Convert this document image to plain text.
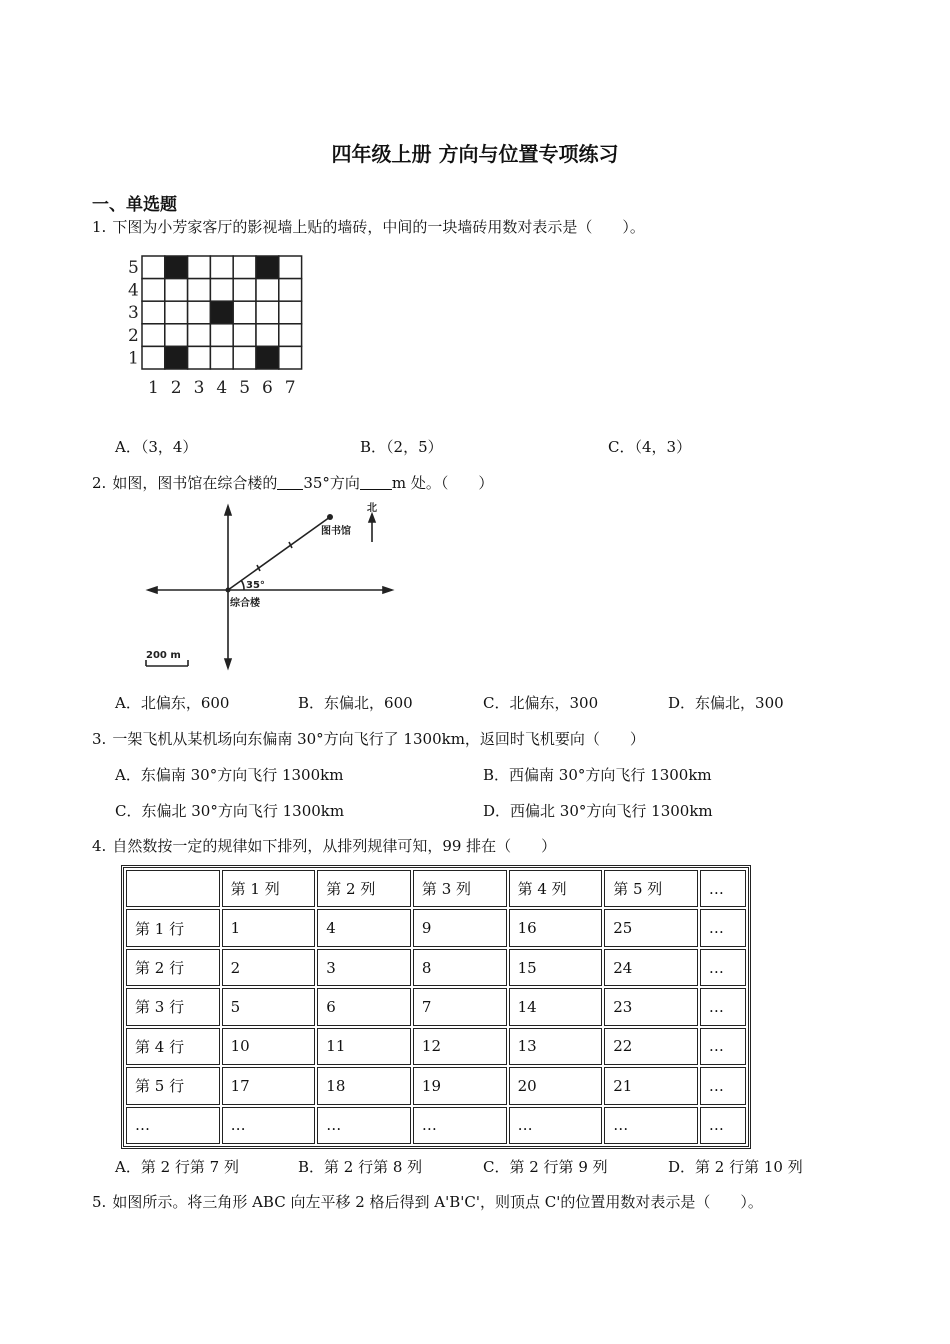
四年级上册 方向与位置专项练习
一、单选题
1. 下图为小芳家客厅的影视墙上贴的墙砖，中间的一块墙砖用数对表示是（　　）。
5
4
3
2
1
1 2 3 4 5 6 7
A．（3，4）	B．（2，5）	C．（4，3）
2. 如图，图书馆在综合楼的 35°方向 m 处。（　　）
图书馆
北
35°
综合楼
200 m
A．北偏东，600	B．东偏北，600	C．北偏东，300	D．东偏北，300
3. 一架飞机从某机场向东偏南 30°方向飞行了 1300km，返回时飞机要向（　　）
A．东偏南 30°方向飞行 1300km	B．西偏南 30°方向飞行 1300km
C．东偏北 30°方向飞行 1300km	D．西偏北 30°方向飞行 1300km
4. 自然数按一定的规律如下排列，从排列规律可知，99 排在（　　）
	第 1 列	第 2 列	第 3 列	第 4 列	第 5 列	…
第 1 行	1	4	9	16	25	…
第 2 行	2	3	8	15	24	…
第 3 行	5	6	7	14	23	…
第 4 行	10	11	12	13	22	…
第 5 行	17	18	19	20	21	…
…	…	…	…	…	…	…
A．第 2 行第 7 列	B．第 2 行第 8 列	C．第 2 行第 9 列	D．第 2 行第 10 列
5. 如图所示。将三角形 ABC 向左平移 2 格后得到 A'B'C'，则顶点 C'的位置用数对表示是（　　）。
